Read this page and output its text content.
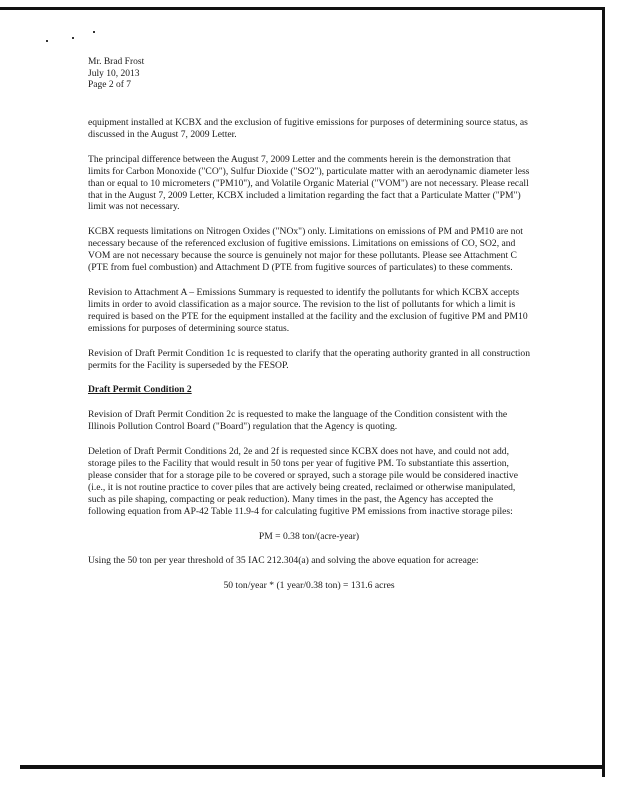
Mr. Brad Frost
July 10, 2013
Page 2 of 7

equipment installed at KCBX and the exclusion of fugitive emissions for purposes of determining source status, as discussed in the August 7, 2009 Letter.

The principal difference between the August 7, 2009 Letter and the comments herein is the demonstration that limits for Carbon Monoxide ("CO"), Sulfur Dioxide ("SO2"), particulate matter with an aerodynamic diameter less than or equal to 10 micrometers ("PM10"), and Volatile Organic Material ("VOM") are not necessary. Please recall that in the August 7, 2009 Letter, KCBX included a limitation regarding the fact that a Particulate Matter ("PM") limit was not necessary.

KCBX requests limitations on Nitrogen Oxides ("NOx") only. Limitations on emissions of PM and PM10 are not necessary because of the referenced exclusion of fugitive emissions. Limitations on emissions of CO, SO2, and VOM are not necessary because the source is genuinely not major for these pollutants. Please see Attachment C (PTE from fuel combustion) and Attachment D (PTE from fugitive sources of particulates) to these comments.

Revision to Attachment A – Emissions Summary is requested to identify the pollutants for which KCBX accepts limits in order to avoid classification as a major source. The revision to the list of pollutants for which a limit is required is based on the PTE for the equipment installed at the facility and the exclusion of fugitive PM and PM10 emissions for purposes of determining source status.

Revision of Draft Permit Condition 1c is requested to clarify that the operating authority granted in all construction permits for the Facility is superseded by the FESOP.

Draft Permit Condition 2

Revision of Draft Permit Condition 2c is requested to make the language of the Condition consistent with the Illinois Pollution Control Board ("Board") regulation that the Agency is quoting.

Deletion of Draft Permit Conditions 2d, 2e and 2f is requested since KCBX does not have, and could not add, storage piles to the Facility that would result in 50 tons per year of fugitive PM. To substantiate this assertion, please consider that for a storage pile to be covered or sprayed, such a storage pile would be considered inactive (i.e., it is not routine practice to cover piles that are actively being created, reclaimed or otherwise manipulated, such as pile shaping, compacting or peak reduction). Many times in the past, the Agency has accepted the following equation from AP-42 Table 11.9-4 for calculating fugitive PM emissions from inactive storage piles:

PM = 0.38 ton/(acre-year)

Using the 50 ton per year threshold of 35 IAC 212.304(a) and solving the above equation for acreage:

50 ton/year * (1 year/0.38 ton) = 131.6 acres
